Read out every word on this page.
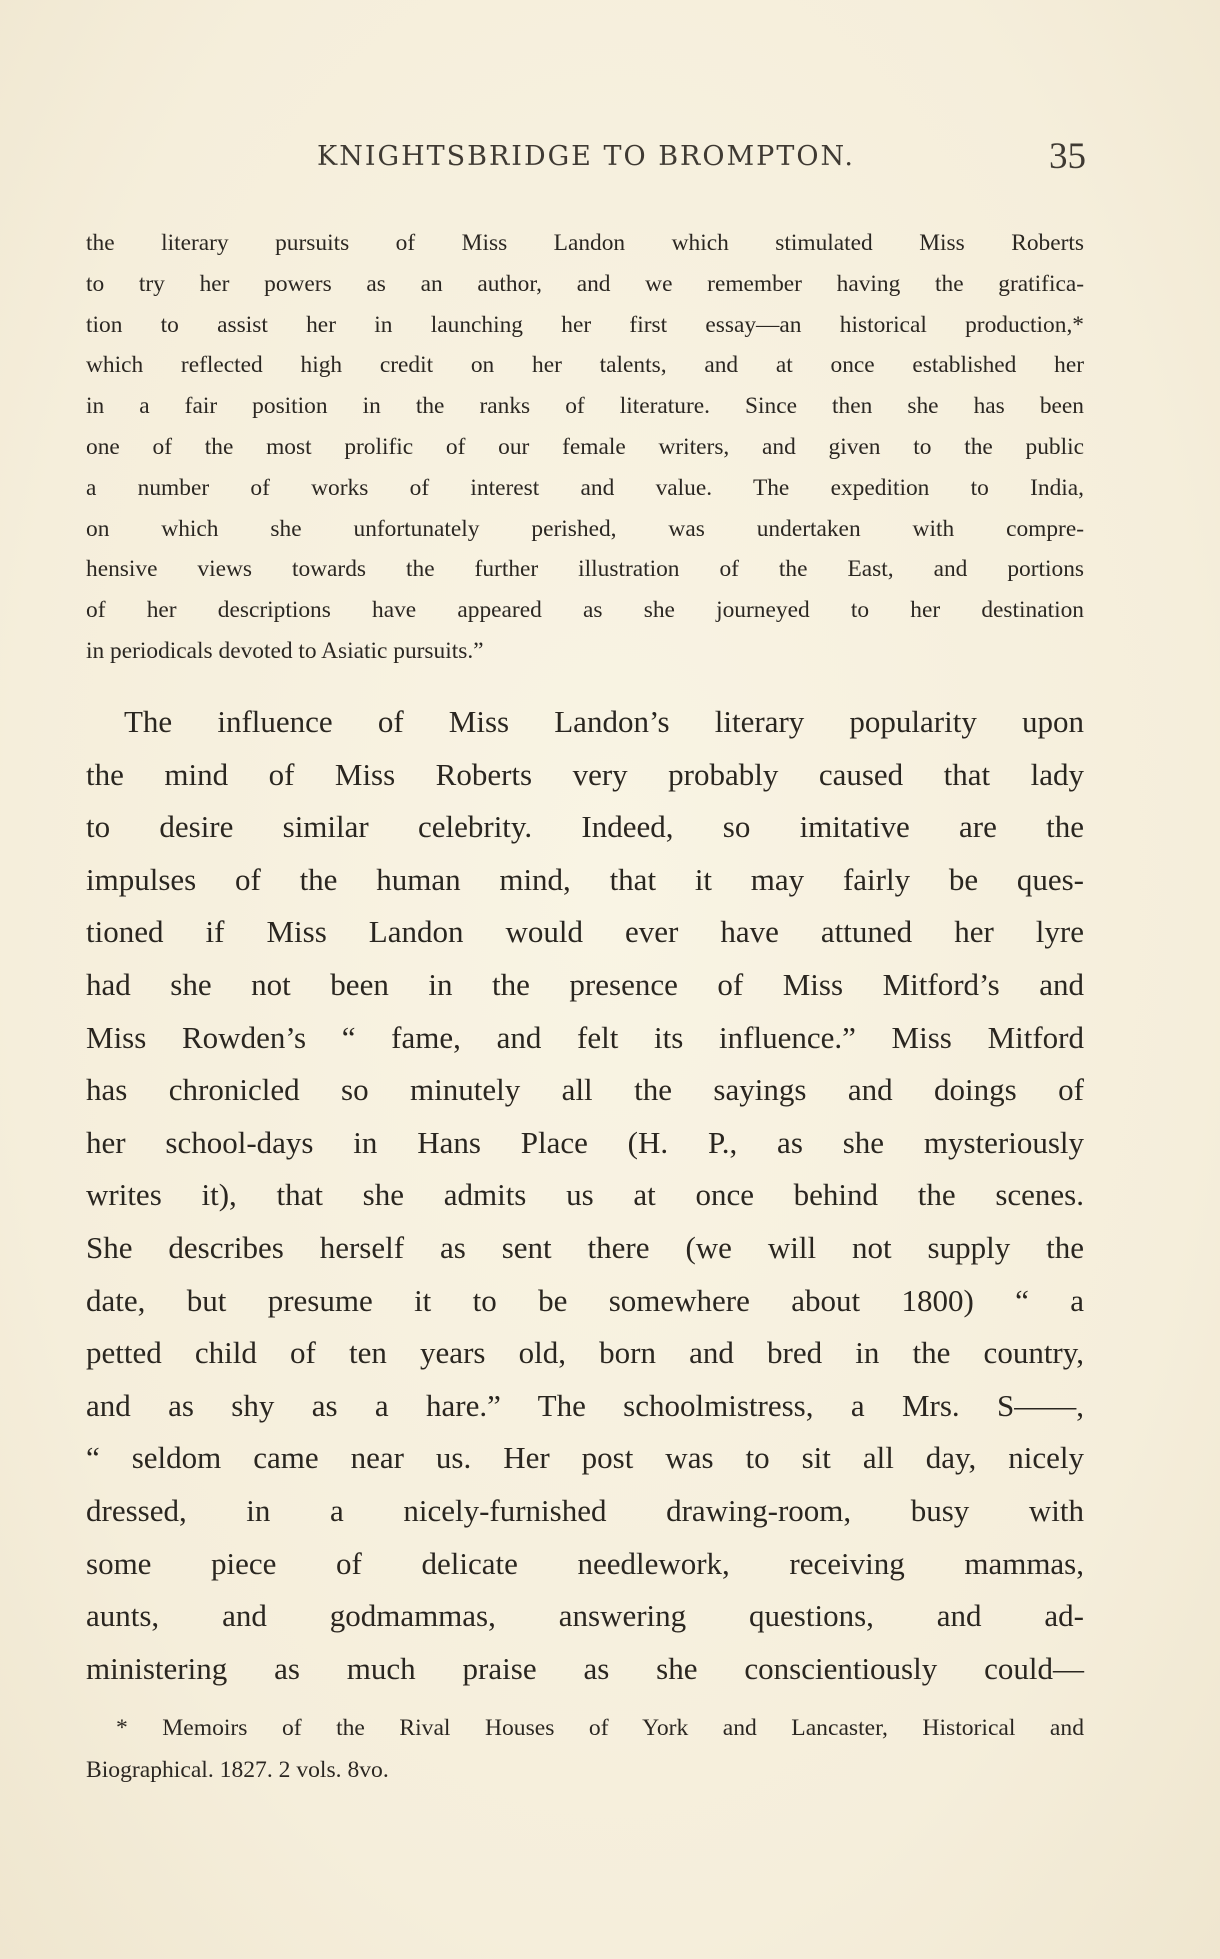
KNIGHTSBRIDGE TO BROMPTON.	35
the literary pursuits of Miss Landon which stimulated Miss Roberts
to try her powers as an author, and we remember having the gratifica-
tion to assist her in launching her first essay—an historical production,*
which reflected high credit on her talents, and at once established her
in a fair position in the ranks of literature. Since then she has been
one of the most prolific of our female writers, and given to the public
a number of works of interest and value. The expedition to India,
on which she unfortunately perished, was undertaken with compre-
hensive views towards the further illustration of the East, and portions
of her descriptions have appeared as she journeyed to her destination
in periodicals devoted to Asiatic pursuits.”
The influence of Miss Landon’s literary popularity upon
the mind of Miss Roberts very probably caused that lady
to desire similar celebrity. Indeed, so imitative are the
impulses of the human mind, that it may fairly be ques-
tioned if Miss Landon would ever have attuned her lyre
had she not been in the presence of Miss Mitford’s and
Miss Rowden’s “ fame, and felt its influence.” Miss Mitford
has chronicled so minutely all the sayings and doings of
her school-days in Hans Place (H. P., as she mysteriously
writes it), that she admits us at once behind the scenes.
She describes herself as sent there (we will not supply the
date, but presume it to be somewhere about 1800) “ a
petted child of ten years old, born and bred in the country,
and as shy as a hare.” The schoolmistress, a Mrs. S——,
“ seldom came near us. Her post was to sit all day, nicely
dressed, in a nicely-furnished drawing-room, busy with
some piece of delicate needlework, receiving mammas,
aunts, and godmammas, answering questions, and ad-
ministering as much praise as she conscientiously could—
* Memoirs of the Rival Houses of York and Lancaster, Historical and
Biographical. 1827. 2 vols. 8vo.
